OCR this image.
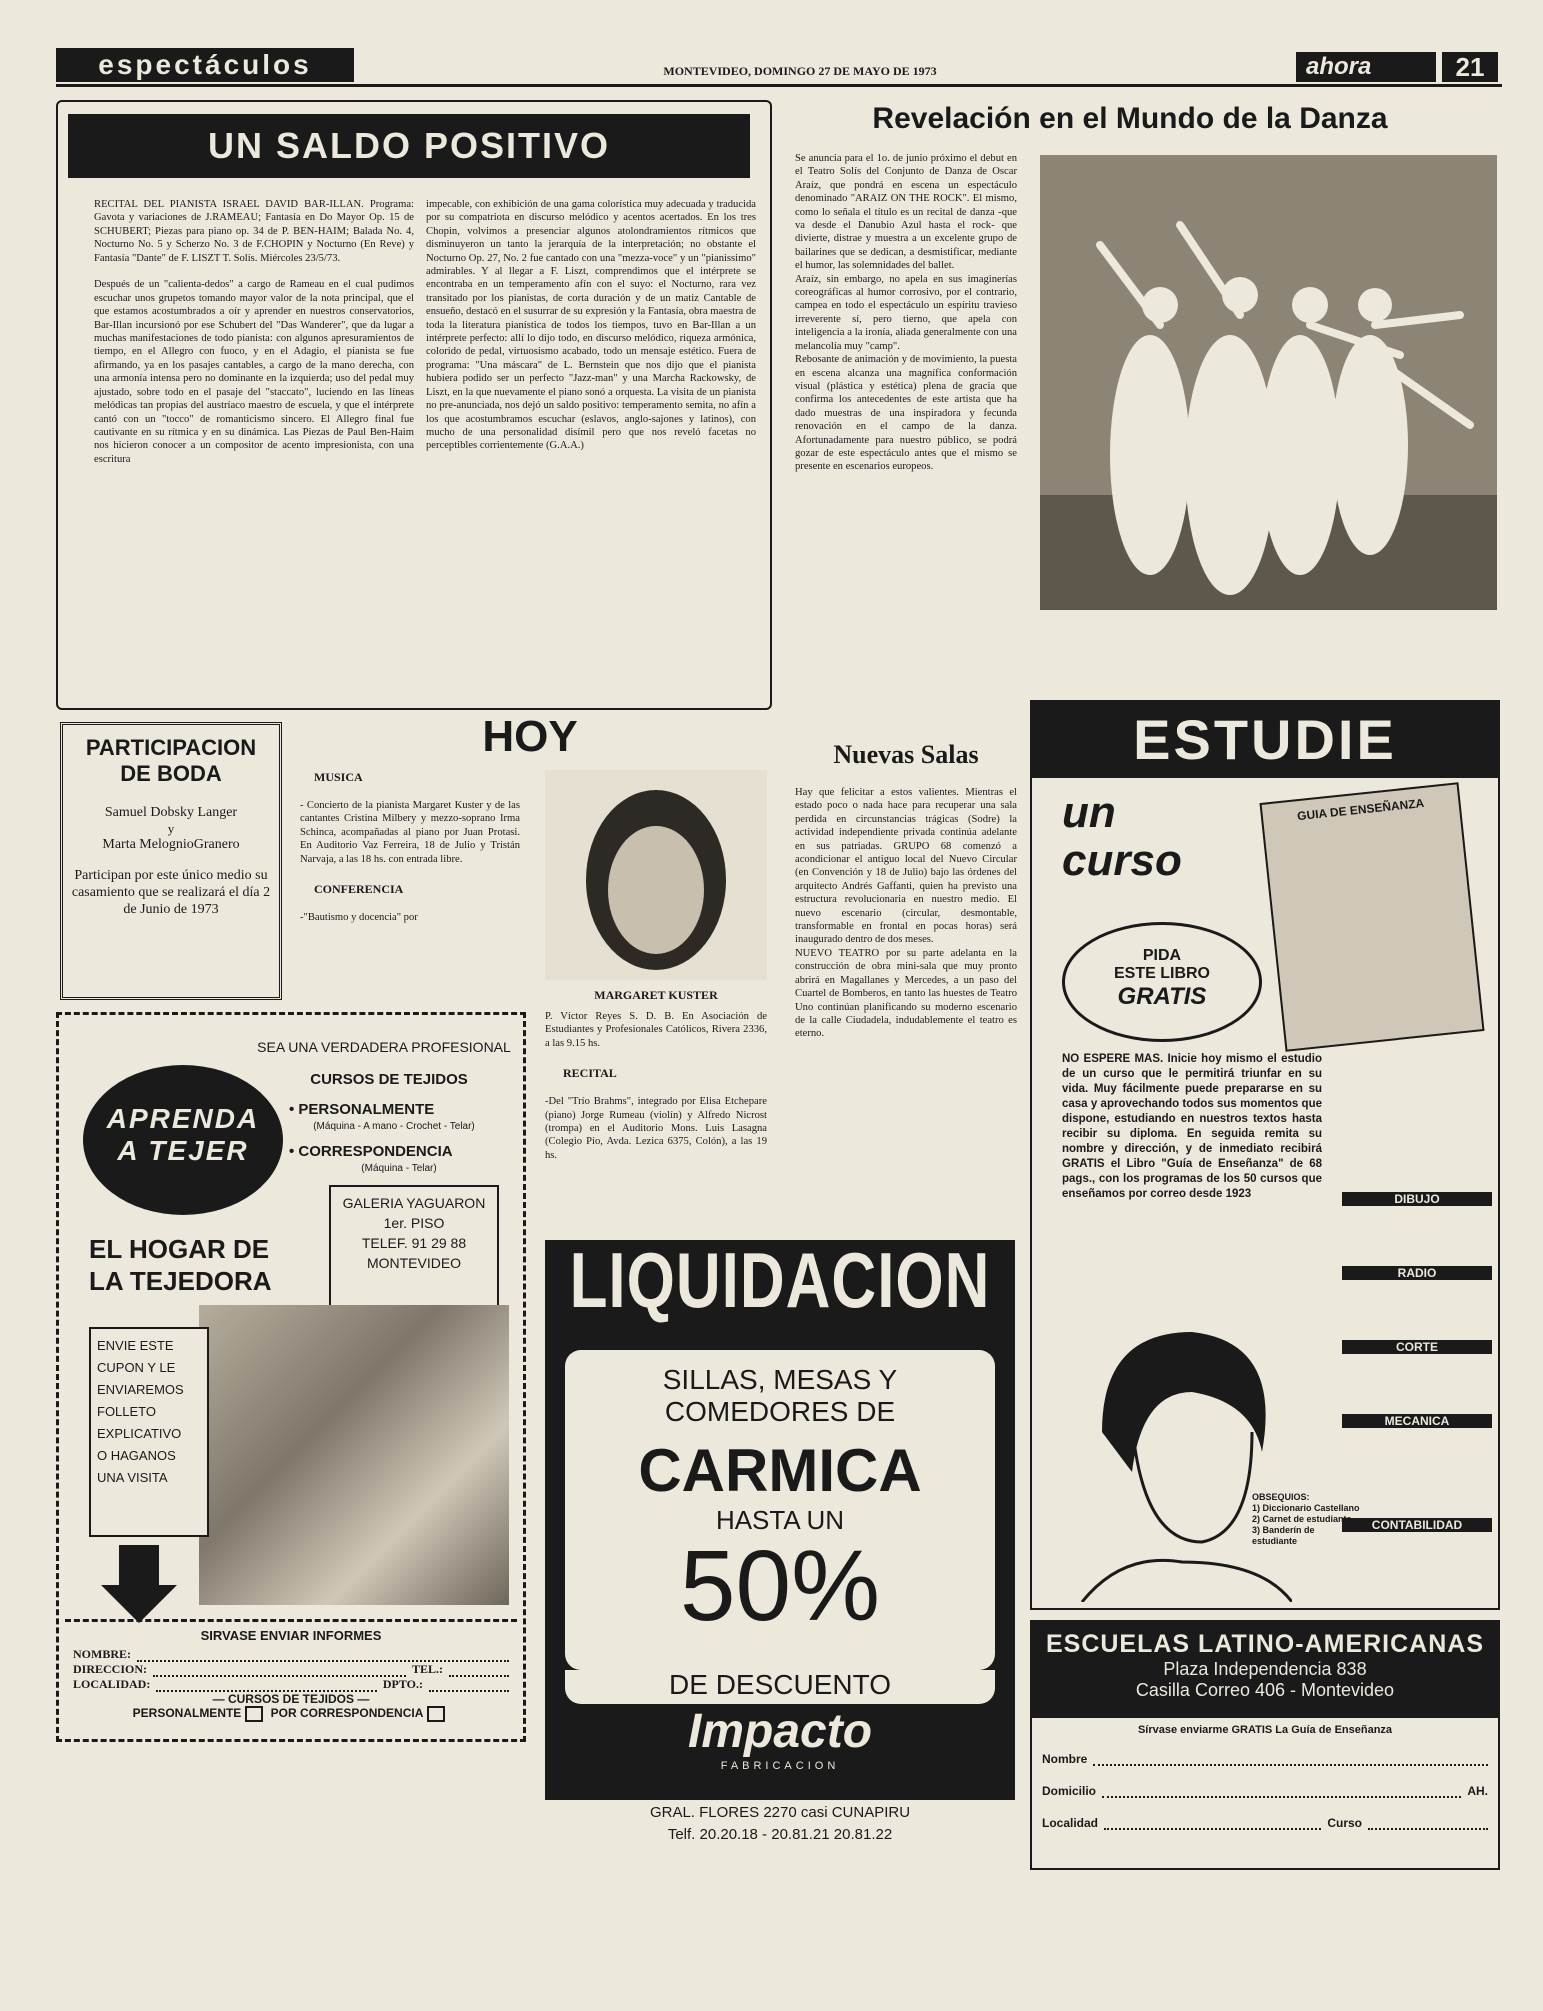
espectáculos	MONTEVIDEO, DOMINGO 27 DE MAYO DE 1973	ahora	21
UN SALDO POSITIVO
RECITAL DEL PIANISTA ISRAEL DAVID BAR-ILLAN. Programa: Gavota y variaciones de J.RAMEAU; Fantasía en Do Mayor Op. 15 de SCHUBERT; Piezas para piano op. 34 de P. BEN-HAIM; Balada No. 4, Nocturno No. 5 y Scherzo No. 3 de F.CHOPIN y Nocturno (En Reve) y Fantasía "Dante" de F. LISZT T. Solís. Miércoles 23/5/73.

Después de un "calienta-dedos" a cargo de Rameau en el cual pudimos escuchar unos grupetos tomando mayor valor de la nota principal, que el que estamos acostumbrados a oír y aprender en nuestros conservatorios, Bar-Illan incursionó por ese Schubert del "Das Wanderer", que da lugar a muchas manifestaciones de todo pianista: con algunos apresuramientos de tiempo, en el Allegro con fuoco, y en el Adagio, el pianista se fue afirmando, ya en los pasajes cantables, a cargo de la mano derecha, con una armonía intensa pero no dominante en la izquierda; uso del pedal muy ajustado, sobre todo en el pasaje del "staccato", luciendo en las líneas melódicas tan propias del austríaco maestro de escuela, y que el intérprete cantó con un "tocco" de romanticismo sincero. El Allegro final fue cautivante en su rítmica y en su dinámica. Las Piezas de Paul Ben-Haim nos hicieron conocer a un compositor de acento impresionista, con una escritura
impecable, con exhibición de una gama colorística muy adecuada y traducida por su compatriota en discurso melódico y acentos acertados. En los tres Chopin, volvimos a presenciar algunos atolondramientos rítmicos que disminuyeron un tanto la jerarquía de la interpretación; no obstante el Nocturno Op. 27, No. 2 fue cantado con una "mezza-voce" y un "pianissimo" admirables. Y al llegar a F. Liszt, comprendimos que el intérprete se encontraba en un temperamento afín con el suyo: el Nocturno, rara vez transitado por los pianistas, de corta duración y de un matiz Cantable de ensueño, destacó en el susurrar de su expresión y la Fantasía, obra maestra de toda la literatura pianística de todos los tiempos, tuvo en Bar-Illan a un intérprete perfecto: allí lo dijo todo, en discurso melódico, riqueza armónica, colorido de pedal, virtuosismo acabado, todo un mensaje estético. Fuera de programa: "Una máscara" de L. Bernstein que nos dijo que el pianista hubiera podido ser un perfecto "Jazz-man" y una Marcha Rackowsky, de Liszt, en la que nuevamente el piano sonó a orquesta. La visita de un pianista no pre-anunciada, nos dejó un saldo positivo: temperamento semita, no afín a los que acostumbramos escuchar (eslavos, anglo-sajones y latinos), con mucho de una personalidad disímil pero que nos reveló facetas no perceptibles corrientemente (G.A.A.)
Revelación en el Mundo de la Danza
Se anuncia para el 1o. de junio próximo el debut en el Teatro Solís del Conjunto de Danza de Oscar Araíz, que pondrá en escena un espectáculo denominado "ARAIZ ON THE ROCK". El mismo, como lo señala el título es un recital de danza -que va desde el Danubio Azul hasta el rock- que divierte, distrae y muestra a un excelente grupo de bailarines que se dedican, a desmistificar, mediante el humor, las solemnidades del ballet.
Araíz, sin embargo, no apela en sus imaginerías coreográficas al humor corrosivo, por el contrario, campea en todo el espectáculo un espíritu travieso irreverente sí, pero tierno, que apela con inteligencia a la ironía, aliada generalmente con una melancolía muy "camp".
Rebosante de animación y de movimiento, la puesta en escena alcanza una magnífica conformación visual (plástica y estética) plena de gracia que confirma los antecedentes de este artista que ha dado muestras de una inspiradora y fecunda renovación en el campo de la danza. Afortunadamente para nuestro público, se podrá gozar de este espectáculo antes que el mismo se presente en escenarios europeos.
PARTICIPACION
DE BODA
Samuel Dobsky Langer
y
Marta MelognioGranero
Participan por este único medio su casamiento que se realizará el día 2 de Junio de 1973
HOY
MUSICA
- Concierto de la pianista Margaret Kuster y de las cantantes Cristina Milbery y mezzo-soprano Irma Schinca, acompañadas al piano por Juan Protasi. En Auditorio Vaz Ferreira, 18 de Julio y Tristán Narvaja, a las 18 hs. con entrada libre.
CONFERENCIA
-"Bautismo y docencia" por
MARGARET KUSTER
P. Víctor Reyes S. D. B. En Asociación de Estudiantes y Profesionales Católicos, Rivera 2336, a las 9.15 hs.
RECITAL
-Del "Trío Brahms", integrado por Elisa Etchepare (piano) Jorge Rumeau (violín) y Alfredo Nicrost (trompa) en el Auditorio Mons. Luis Lasagna (Colegio Pío, Avda. Lezica 6375, Colón), a las 19 hs.
Nuevas Salas
Hay que felicitar a estos valientes. Mientras el estado poco o nada hace para recuperar una sala perdida en circunstancias trágicas (Sodre) la actividad independiente privada continúa adelante en sus patriadas. GRUPO 68 comenzó a acondicionar el antiguo local del Nuevo Circular (en Convención y 18 de Julio) bajo las órdenes del arquitecto Andrés Gaffanti, quien ha previsto una estructura revolucionaria en nuestro medio. El nuevo escenario (circular, desmontable, transformable en frontal en pocas horas) será inaugurado dentro de dos meses.
NUEVO TEATRO por su parte adelanta en la construcción de obra mini-sala que muy pronto abrirá en Magallanes y Mercedes, a un paso del Cuartel de Bomberos, en tanto las huestes de Teatro Uno continúan planificando su moderno escenario de la calle Ciudadela, indudablemente el teatro es eterno.
SEA UNA VERDADERA PROFESIONAL
CURSOS DE TEJIDOS
• PERSONALMENTE
(Máquina - A mano - Crochet - Telar)
• CORRESPONDENCIA
(Máquina - Telar)
APRENDA
A TEJER
GALERIA YAGUARON
1er. PISO
TELEF. 91 29 88
MONTEVIDEO
EL HOGAR DE
LA TEJEDORA
ENVIE ESTE
CUPON Y LE
ENVIAREMOS
FOLLETO
EXPLICATIVO
O HAGANOS
UNA VISITA
SIRVASE ENVIAR INFORMES
NOMBRE:
DIRECCION:	TEL.:
LOCALIDAD:	DPTO.:
— CURSOS DE TEJIDOS —
PERSONALMENTE POR CORRESPONDENCIA
LIQUIDACION
SILLAS, MESAS Y
COMEDORES DE
CARMICA
HASTA UN
50%
DE DESCUENTO
Impacto
FABRICACION
GRAL. FLORES 2270 casi CUNAPIRU
Telf. 20.20.18 - 20.81.21 20.81.22
ESTUDIE
un
curso
GUIA DE ENSEÑANZA
PIDA
ESTE LIBRO
GRATIS
NO ESPERE MAS. Inicie hoy mismo el estudio de un curso que le permitirá triunfar en su vida. Muy fácilmente puede prepararse en su casa y aprovechando todos sus momentos que dispone, estudiando en nuestros textos hasta recibir su diploma. En seguida remita su nombre y dirección, y de inmediato recibirá GRATIS el Libro "Guía de Enseñanza" de 68 pags., con los programas de los 50 cursos que enseñamos por correo desde 1923	DIBUJO
RADIO
CORTE
MECANICA
CONTABILIDAD
OBSEQUIOS:
1) Diccionario Castellano
2) Carnet de estudiante
3) Banderín de estudiante
ESCUELAS LATINO-AMERICANAS
Plaza Independencia 838
Casilla Correo 406 - Montevideo
Sírvase enviarme GRATIS La Guía de Enseñanza
Nombre
Domicilio	AH.
Localidad	Curso
